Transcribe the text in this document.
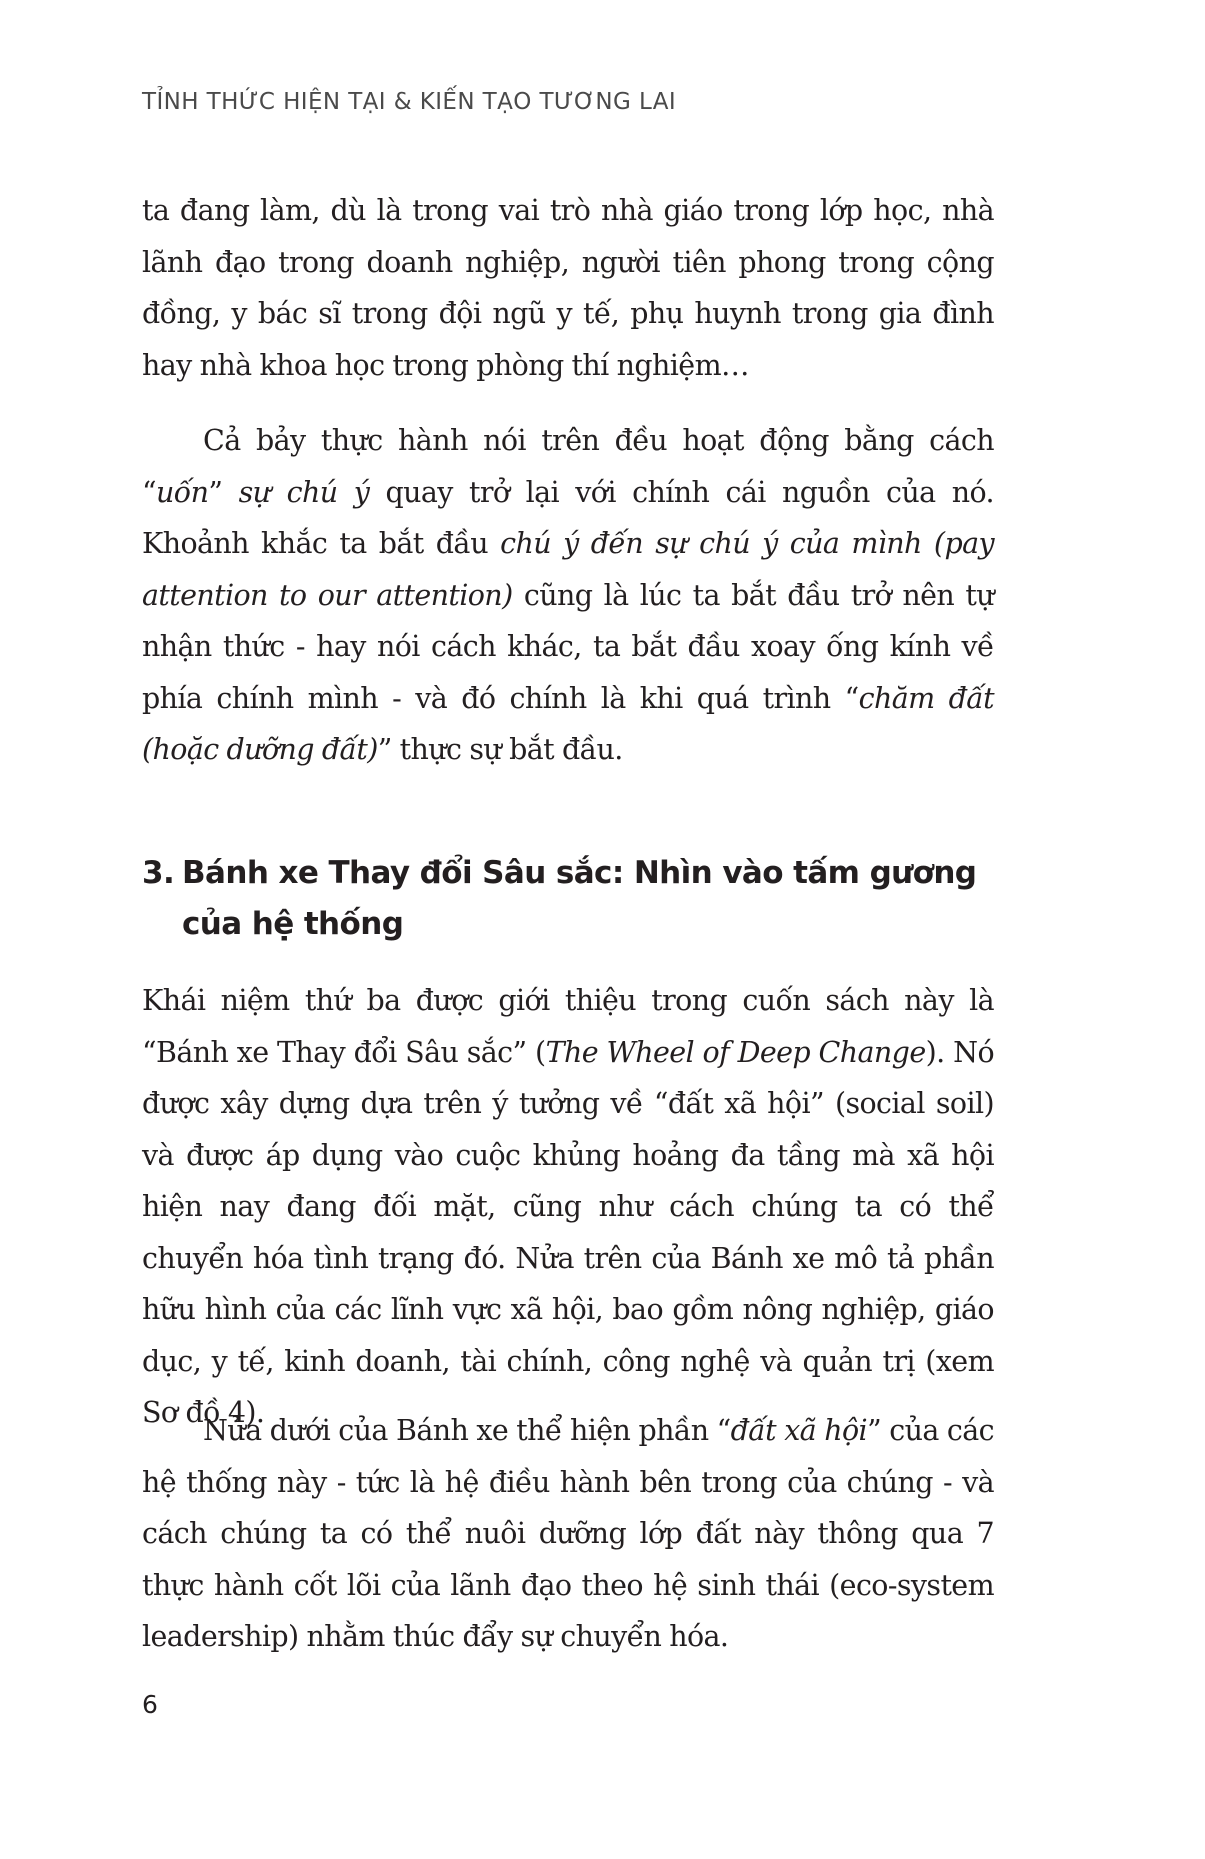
TỈNH THỨC HIỆN TẠI & KIẾN TẠO TƯƠNG LAI

ta đang làm, dù là trong vai trò nhà giáo trong lớp học, nhà lãnh đạo trong doanh nghiệp, người tiên phong trong cộng đồng, y bác sĩ trong đội ngũ y tế, phụ huynh trong gia đình hay nhà khoa học trong phòng thí nghiệm…

Cả bảy thực hành nói trên đều hoạt động bằng cách “uốn” sự chú ý quay trở lại với chính cái nguồn của nó. Khoảnh khắc ta bắt đầu chú ý đến sự chú ý của mình (pay attention to our attention) cũng là lúc ta bắt đầu trở nên tự nhận thức - hay nói cách khác, ta bắt đầu xoay ống kính về phía chính mình - và đó chính là khi quá trình “chăm đất (hoặc dưỡng đất)” thực sự bắt đầu.

3. Bánh xe Thay đổi Sâu sắc: Nhìn vào tấm gương
của hệ thống

Khái niệm thứ ba được giới thiệu trong cuốn sách này là “Bánh xe Thay đổi Sâu sắc” (The Wheel of Deep Change). Nó được xây dựng dựa trên ý tưởng về “đất xã hội” (social soil) và được áp dụng vào cuộc khủng hoảng đa tầng mà xã hội hiện nay đang đối mặt, cũng như cách chúng ta có thể chuyển hóa tình trạng đó. Nửa trên của Bánh xe mô tả phần hữu hình của các lĩnh vực xã hội, bao gồm nông nghiệp, giáo dục, y tế, kinh doanh, tài chính, công nghệ và quản trị (xem Sơ đồ 4).

Nửa dưới của Bánh xe thể hiện phần “đất xã hội” của các hệ thống này - tức là hệ điều hành bên trong của chúng - và cách chúng ta có thể nuôi dưỡng lớp đất này thông qua 7 thực hành cốt lõi của lãnh đạo theo hệ sinh thái (eco-system leadership) nhằm thúc đẩy sự chuyển hóa.

6
